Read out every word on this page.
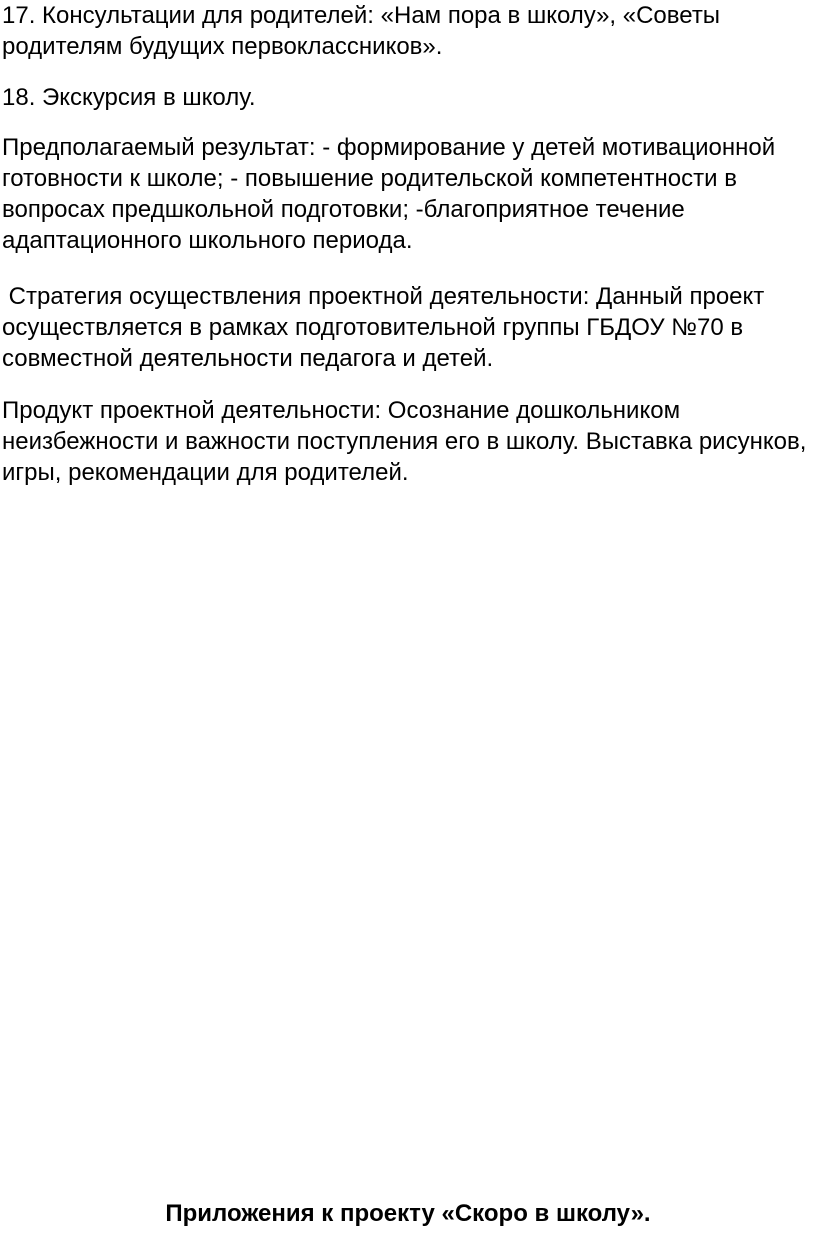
17. Консультации для родителей: «Нам пора в школу», «Советы родителям будущих первоклассников».

18. Экскурсия в школу.

Предполагаемый результат: - формирование у детей мотивационной готовности к школе; - повышение родительской компетентности в вопросах предшкольной подготовки; -благоприятное течение адаптационного школьного периода.

Стратегия осуществления проектной деятельности: Данный проект осуществляется в рамках подготовительной группы ГБДОУ №70 в совместной деятельности педагога и детей.

Продукт проектной деятельности: Осознание дошкольником неизбежности и важности поступления его в школу. Выставка рисунков, игры, рекомендации для родителей.

Приложения к проекту «Скоро в школу».
